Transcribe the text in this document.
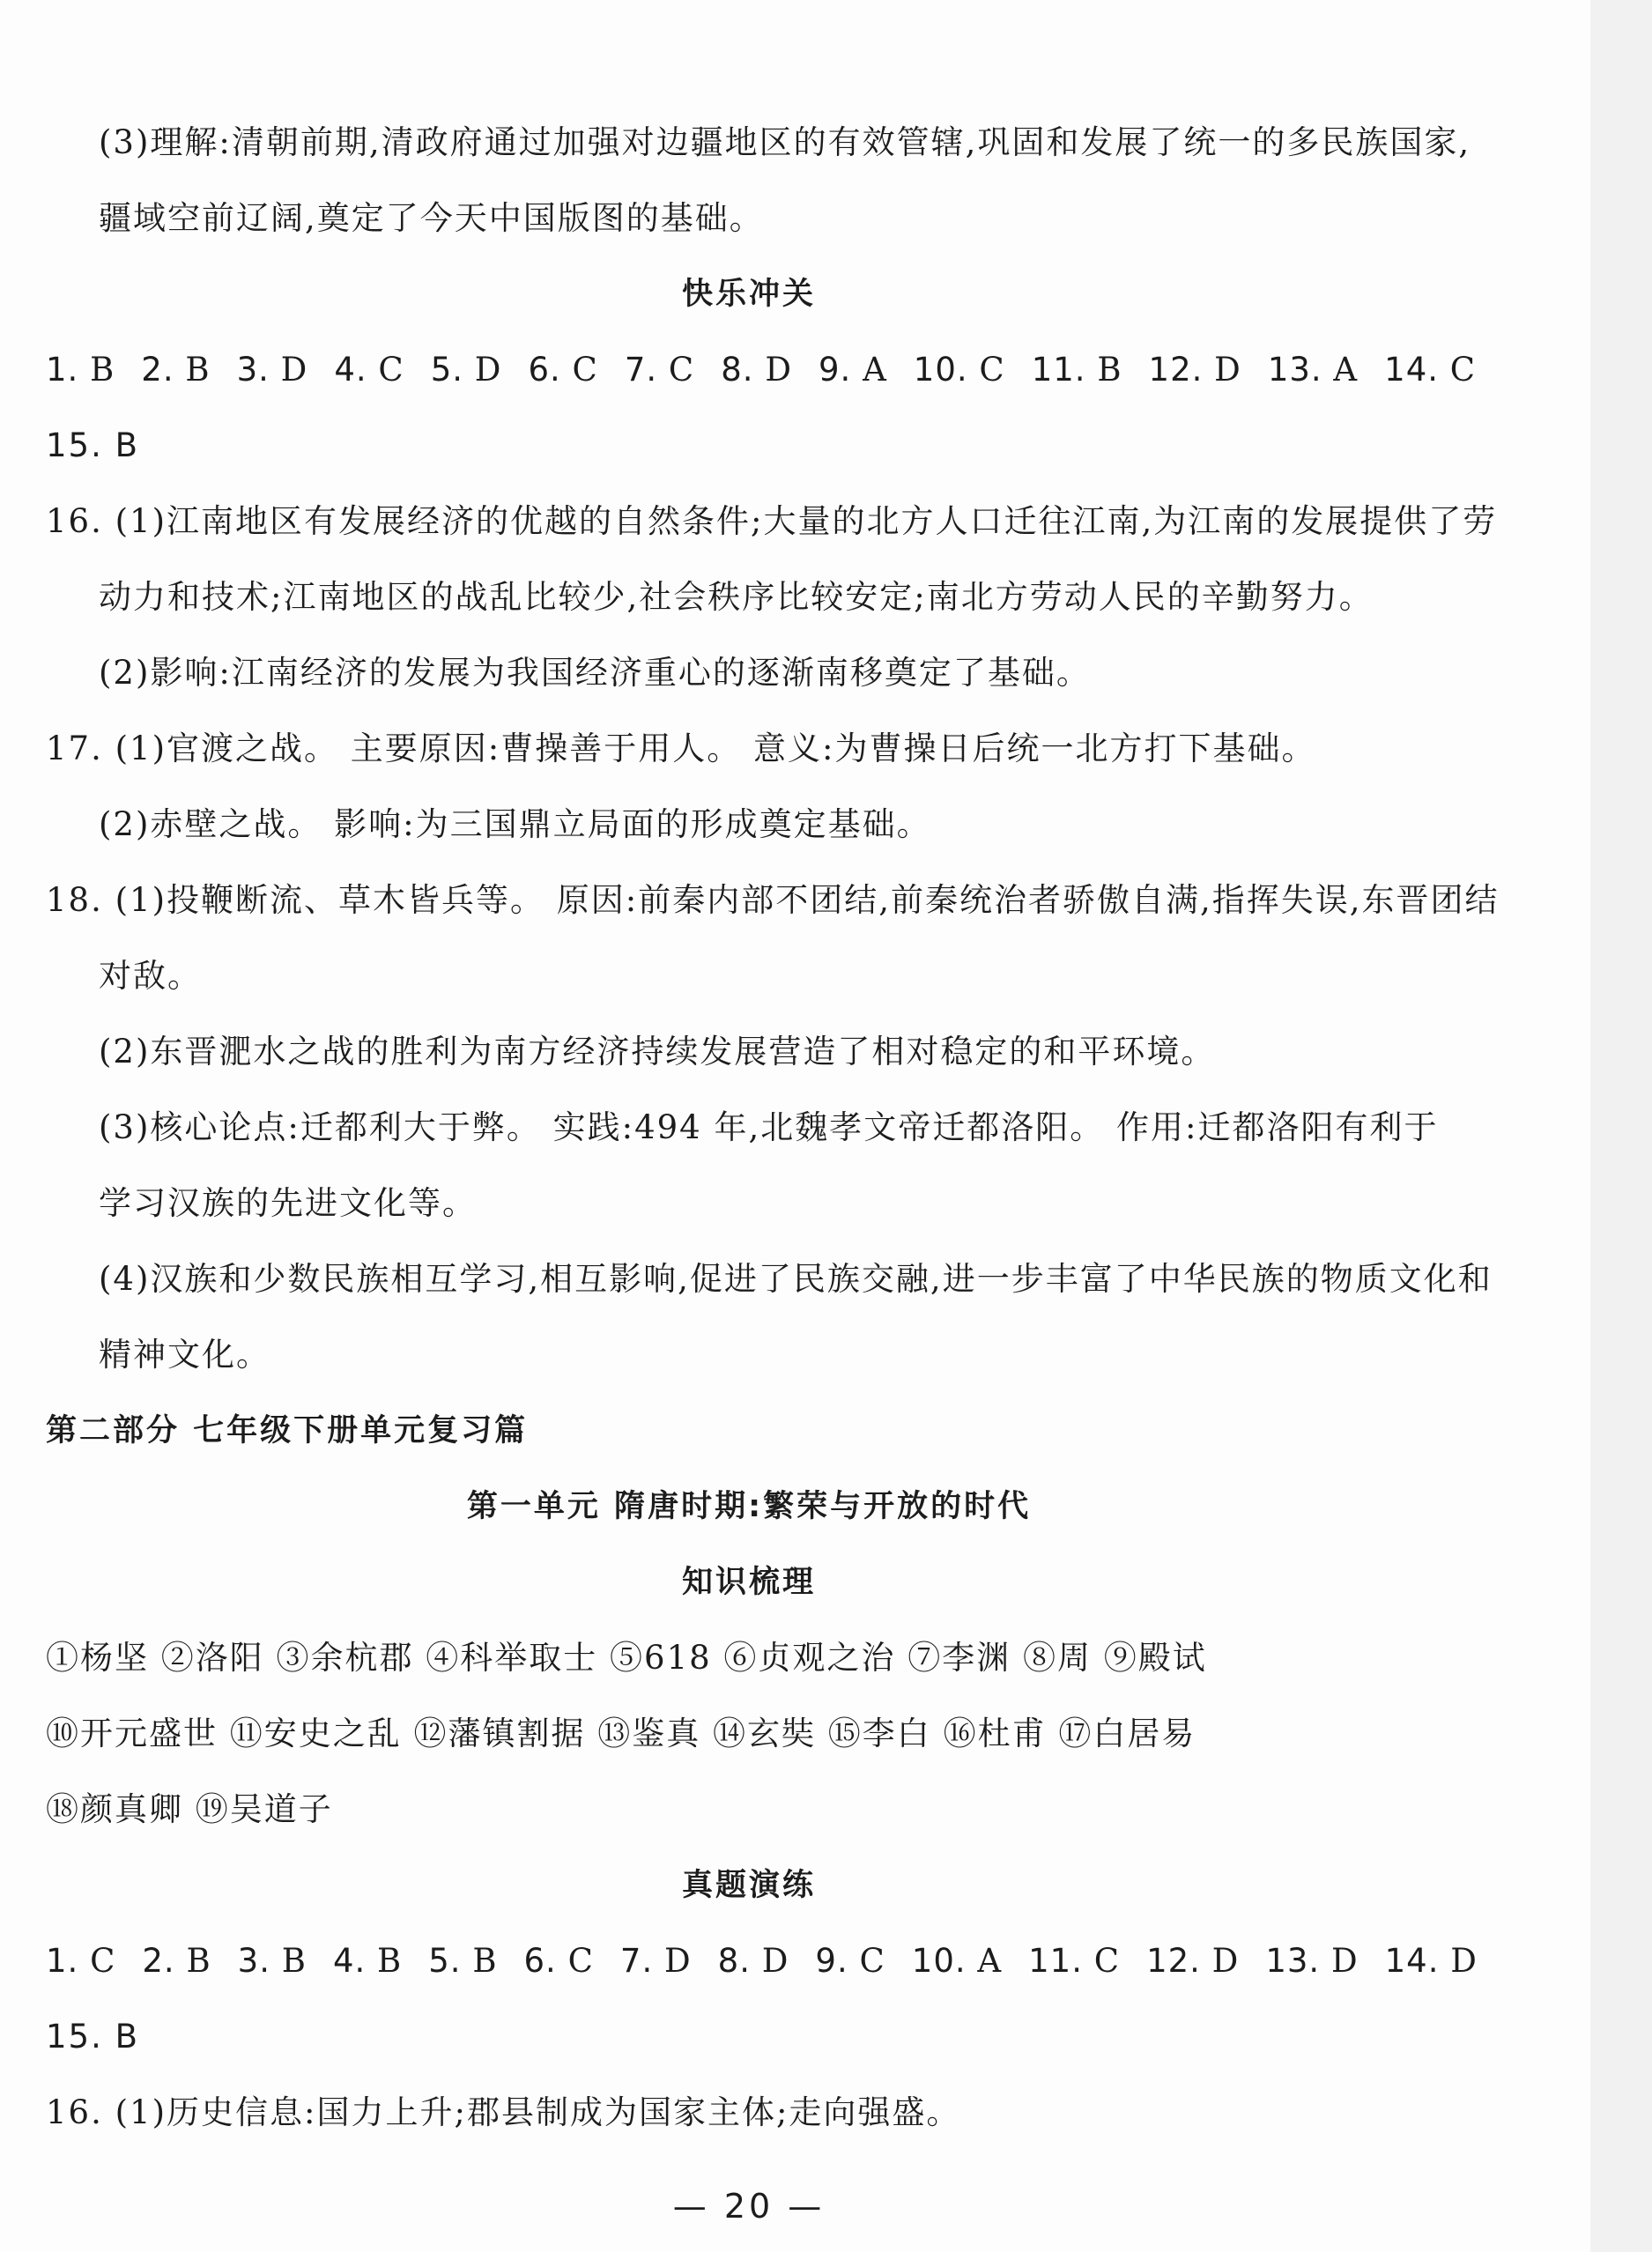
(3)理解:清朝前期,清政府通过加强对边疆地区的有效管辖,巩固和发展了统一的多民族国家,
疆域空前辽阔,奠定了今天中国版图的基础。
快乐冲关
1. B 2. B 3. D 4. C 5. D 6. C 7. C 8. D 9. A 10. C 11. B 12. D 13. A 14. C
15. B
16. (1)江南地区有发展经济的优越的自然条件;大量的北方人口迁往江南,为江南的发展提供了劳
动力和技术;江南地区的战乱比较少,社会秩序比较安定;南北方劳动人民的辛勤努力。
(2)影响:江南经济的发展为我国经济重心的逐渐南移奠定了基础。
17. (1)官渡之战。 主要原因:曹操善于用人。 意义:为曹操日后统一北方打下基础。
(2)赤壁之战。 影响:为三国鼎立局面的形成奠定基础。
18. (1)投鞭断流、草木皆兵等。 原因:前秦内部不团结,前秦统治者骄傲自满,指挥失误,东晋团结
对敌。
(2)东晋淝水之战的胜利为南方经济持续发展营造了相对稳定的和平环境。
(3)核心论点:迁都利大于弊。 实践:494 年,北魏孝文帝迁都洛阳。 作用:迁都洛阳有利于
学习汉族的先进文化等。
(4)汉族和少数民族相互学习,相互影响,促进了民族交融,进一步丰富了中华民族的物质文化和
精神文化。
第二部分 七年级下册单元复习篇
第一单元 隋唐时期:繁荣与开放的时代
知识梳理
①杨坚 ②洛阳 ③余杭郡 ④科举取士 ⑤618 ⑥贞观之治 ⑦李渊 ⑧周 ⑨殿试
⑩开元盛世 ⑪安史之乱 ⑫藩镇割据 ⑬鉴真 ⑭玄奘 ⑮李白 ⑯杜甫 ⑰白居易
⑱颜真卿 ⑲吴道子
真题演练
1. C 2. B 3. B 4. B 5. B 6. C 7. D 8. D 9. C 10. A 11. C 12. D 13. D 14. D
15. B
16. (1)历史信息:国力上升;郡县制成为国家主体;走向强盛。
— 20 —
